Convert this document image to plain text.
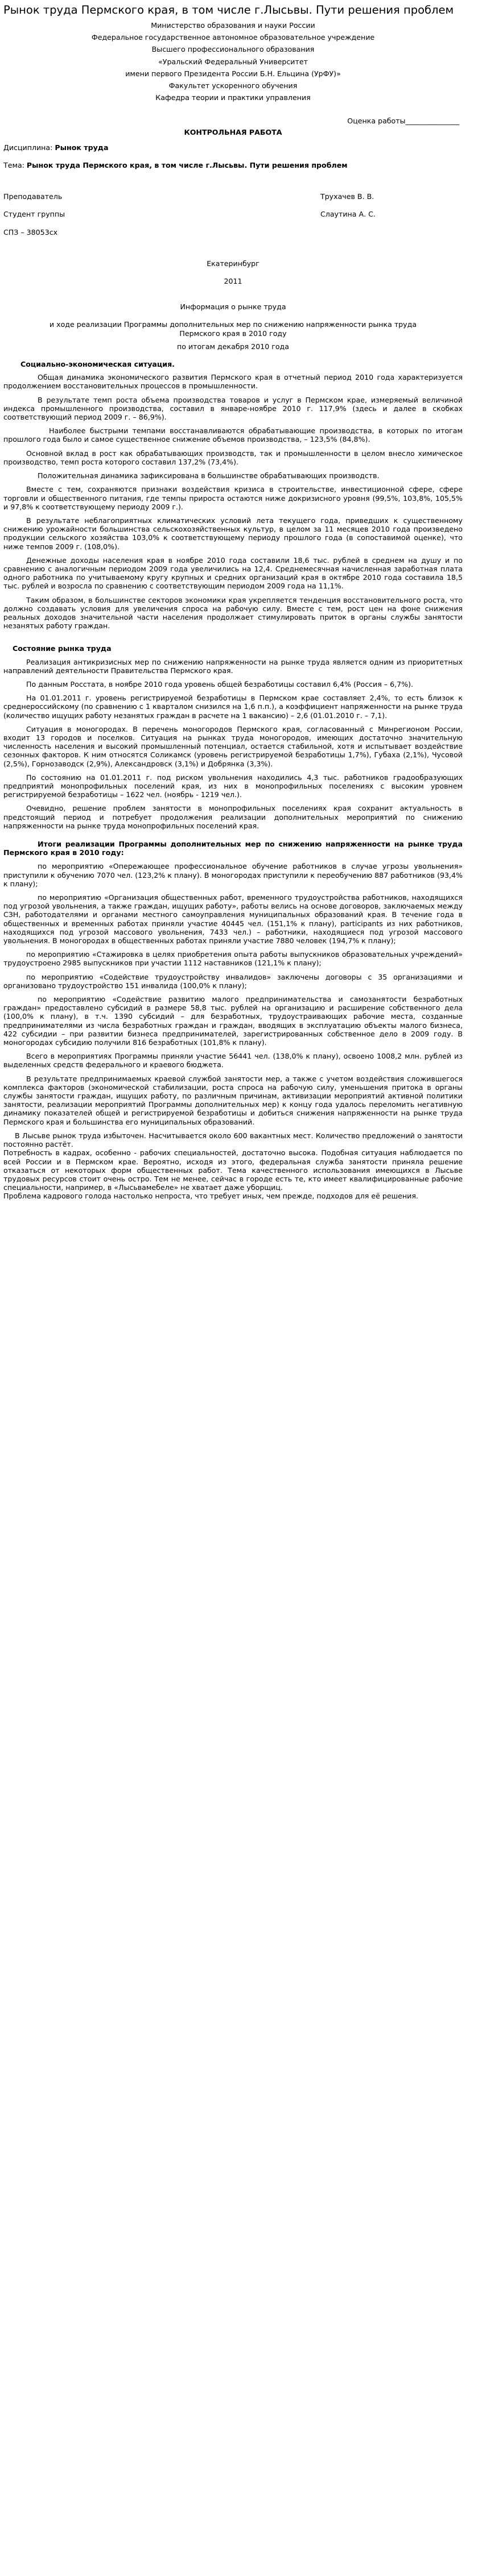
Рынок труда Пермского края, в том числе г.Лысьвы. Пути решения проблем

Министерство образования и науки России

Федеральное государственное автономное образовательное учреждение

Высшего профессионального образования

«Уральский Федеральный Университет

имени первого Президента России Б.Н. Ельцина (УрФУ)»

Факультет ускоренного обучения

Кафедра теории и практики управления

Оценка работы_______________

КОНТРОЛЬНАЯ РАБОТА

Дисциплина: Рынок труда

Тема: Рынок труда Пермского края, в том числе г.Лысьвы. Пути решения проблем

Преподаватель	Трухачев В. В.
Студент группы	Слаутина А. С.

СПЗ – 38053сх

Екатеринбург

2011

Информация о рынке труда

и ходе реализации Программы дополнительных мер по снижению напряженности рынка труда Пермского края в 2010 году

по итогам декабря 2010 года

Социально-экономическая ситуация.

Общая динамика экономического развития Пермского края в отчетный период 2010 года характеризуется продолжением восстановительных процессов в промышленности.

В результате темп роста объема производства товаров и услуг в Пермском крае, измеряемый величиной индекса промышленного производства, составил в январе-ноябре 2010 г. 117,9% (здесь и далее в скобках соответствующий период 2009 г. – 86,9%).

Наиболее быстрыми темпами восстанавливаются обрабатывающие производства, в которых по итогам прошлого года было и самое существенное снижение объемов производства, – 123,5% (84,8%).

Основной вклад в рост как обрабатывающих производств, так и промышленности в целом внесло химическое производство, темп роста которого составил 137,2% (73,4%).

Положительная динамика зафиксирована в большинстве обрабатывающих производств.

Вместе с тем, сохраняются признаки воздействия кризиса в строительстве, инвестиционной сфере, сфере торговли и общественного питания, где темпы прироста остаются ниже докризисного уровня (99,5%, 103,8%, 105,5% и 97,8% к соответствующему периоду 2009 г.).

В результате неблагоприятных климатических условий лета текущего года, приведших к существенному снижению урожайности большинства сельскохозяйственных культур, в целом за 11 месяцев 2010 года произведено продукции сельского хозяйства 103,0% к соответствующему периоду прошлого года (в сопоставимой оценке), что ниже темпов 2009 г. (108,0%).

Денежные доходы населения края в ноябре 2010 года составили 18,6 тыс. рублей в среднем на душу и по сравнению с аналогичным периодом 2009 года увеличились на 12,4. Среднемесячная начисленная заработная плата одного работника по учитываемому кругу крупных и средних организаций края в октябре 2010 года составила 18,5 тыс. рублей и возросла по сравнению с соответствующим периодом 2009 года на 11,1%.

Таким образом, в большинстве секторов экономики края укрепляется тенденция восстановительного роста, что должно создавать условия для увеличения спроса на рабочую силу. Вместе с тем, рост цен на фоне снижения реальных доходов значительной части населения продолжает стимулировать приток в органы службы занятости незанятых работу граждан.

Состояние рынка труда

Реализация антикризисных мер по снижению напряженности на рынке труда является одним из приоритетных направлений деятельности Правительства Пермского края.

По данным Росстата, в ноябре 2010 года уровень общей безработицы составил 6,4% (Россия – 6,7%).

На 01.01.2011 г. уровень регистрируемой безработицы в Пермском крае составляет 2,4%, то есть близок к среднероссийскому (по сравнению с 1 кварталом снизился на 1,6 п.п.), а коэффициент напряженности на рынке труда (количество ищущих работу незанятых граждан в расчете на 1 вакансию) – 2,6 (01.01.2010 г. – 7,1).

Ситуация в моногородах. В перечень моногородов Пермского края, согласованный с Минрегионом России, входит 13 городов и поселков. Ситуация на рынках труда моногородов, имеющих достаточно значительную численность населения и высокий промышленный потенциал, остается стабильной, хотя и испытывает воздействие сезонных факторов. К ним относятся Соликамск (уровень регистрируемой безработицы 1,7%), Губаха (2,1%), Чусовой (2,5%), Горнозаводск (2,9%), Александровск (3,1%) и Добрянка (3,3%).

По состоянию на 01.01.2011 г. под риском увольнения находились 4,3 тыс. работников градообразующих предприятий монопрофильных поселений края, из них в монопрофильных поселениях с высоким уровнем регистрируемой безработицы – 1622 чел. (ноябрь - 1219 чел.).

Очевидно, решение проблем занятости в монопрофильных поселениях края сохранит актуальность в предстоящий период и потребует продолжения реализации дополнительных мероприятий по снижению напряженности на рынке труда монопрофильных поселений края.

Итоги реализации Программы дополнительных мер по снижению напряженности на рынке труда Пермского края в 2010 году:

по мероприятию «Опережающее профессиональное обучение работников в случае угрозы увольнения» приступили к обучению 7070 чел. (123,2% к плану). В моногородах приступили к переобучению 887 работников (93,4% к плану);

по мероприятию «Организация общественных работ, временного трудоустройства работников, находящихся под угрозой увольнения, а также граждан, ищущих работу», работы велись на основе договоров, заключаемых между СЗН, работодателями и органами местного самоуправления муниципальных образований края. В течение года в общественных и временных работах приняли участие 40445 чел. (151,1% к плану), participants из них работников, находящихся под угрозой массового увольнения, 7433 чел.) – работники, находящиеся под угрозой массового увольнения. В моногородах в общественных работах приняли участие 7880 человек (194,7% к плану);

по мероприятию «Стажировка в целях приобретения опыта работы выпускников образовательных учреждений» трудоустроено 2985 выпускников при участии 1112 наставников (121,1% к плану);

по мероприятию «Содействие трудоустройству инвалидов» заключены договоры с 35 организациями и организовано трудоустройство 151 инвалида (100,0% к плану);

по мероприятию «Содействие развитию малого предпринимательства и самозанятости безработных граждан» предоставлено субсидий в размере 58,8 тыс. рублей на организацию и расширение собственного дела (100,0% к плану), в т.ч. 1390 субсидий – для безработных, трудоустраивающих рабочие места, созданные предпринимателями из числа безработных граждан и граждан, вводящих в эксплуатацию объекты малого бизнеса, 422 субсидии – при развитии бизнеса предпринимателей, зарегистрированных собственное дело в 2009 году. В моногородах субсидию получили 816 безработных (101,8% к плану).

Всего в мероприятиях Программы приняли участие 56441 чел. (138,0% к плану), освоено 1008,2 млн. рублей из выделенных средств федерального и краевого бюджета.

В результате предпринимаемых краевой службой занятости мер, а также с учетом воздействия сложившегося комплекса факторов (экономической стабилизации, роста спроса на рабочую силу, уменьшения притока в органы службы занятости граждан, ищущих работу, по различным причинам, активизации мероприятий активной политики занятости, реализации мероприятий Программы дополнительных мер) к концу года удалось переломить негативную динамику показателей общей и регистрируемой безработицы и добиться снижения напряженности на рынке труда Пермского края и большинства его муниципальных образований.

В Лысьве рынок труда избыточен. Насчитывается около 600 вакантных мест. Количество предложений о занятости постоянно растёт.

Потребность в кадрах, особенно - рабочих специальностей, достаточно высока. Подобная ситуация наблюдается по всей России и в Пермском крае. Вероятно, исходя из этого, федеральная служба занятости приняла решение отказаться от некоторых форм общественных работ. Тема качественного использования имеющихся в Лысьве трудовых ресурсов стоит очень остро. Тем не менее, сейчас в городе есть те, кто имеет квалифицированные рабочие специальности, например, в «Лысьвамебеле» не хватает даже уборщиц.

Проблема кадрового голода настолько непроста, что требует иных, чем прежде, подходов для её решения.
